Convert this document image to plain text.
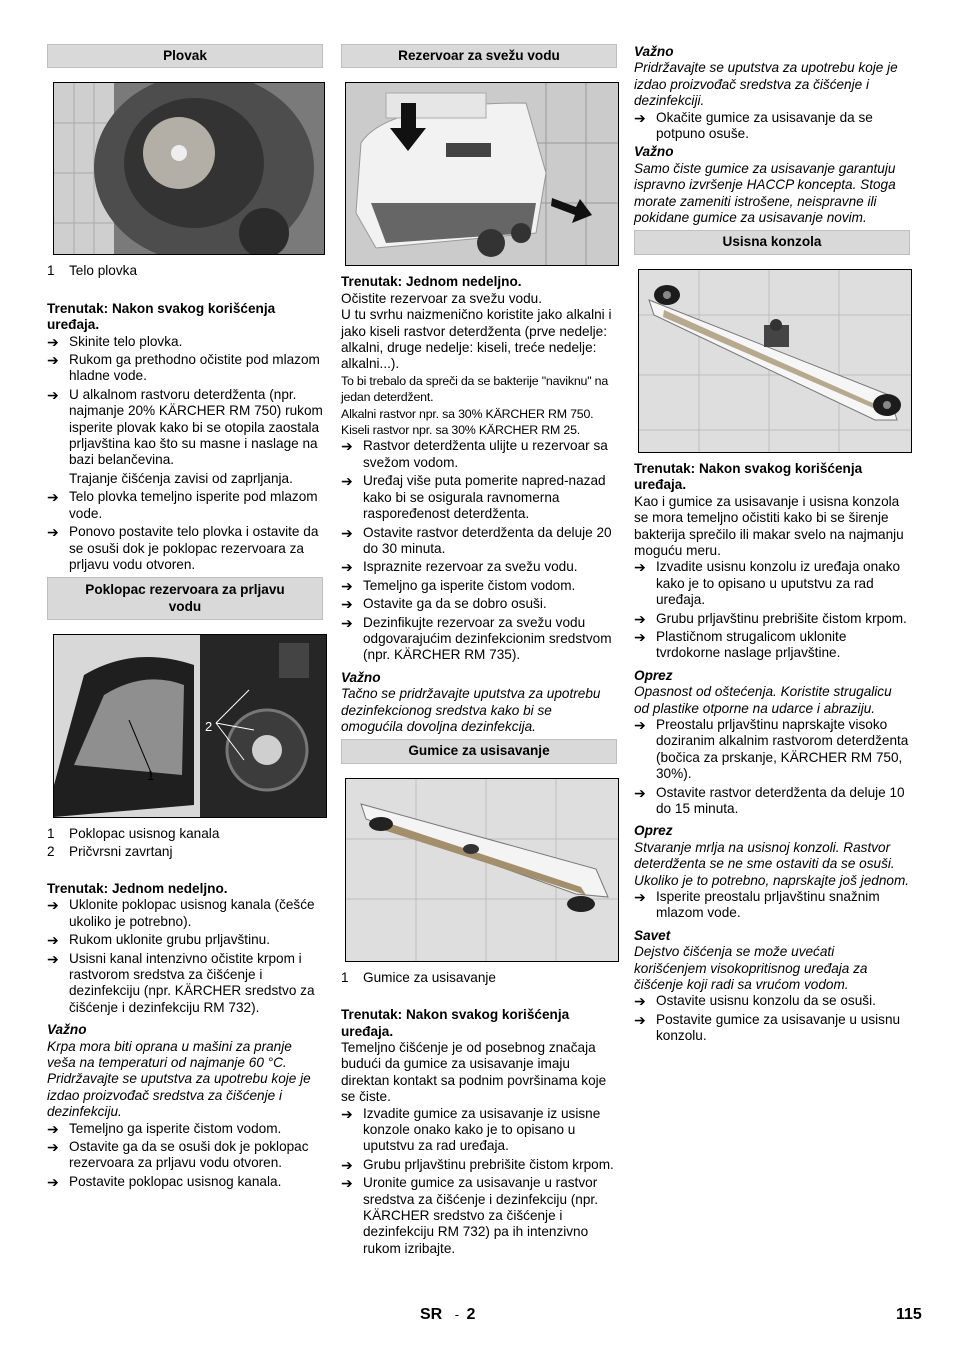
Plovak
1	Telo plovka
Trenutak: Nakon svakog korišćenja uređaja.
➔ Skinite telo plovka.
➔ Rukom ga prethodno očistite pod mlazom hladne vode.
➔ U alkalnom rastvoru deterdženta (npr. najmanje 20% KÄRCHER RM 750) rukom isperite plovak kako bi se otopila zaostala prljavština kao što su masne i naslage na bazi belančevina.
Trajanje čišćenja zavisi od zaprljanja.
➔ Telo plovka temeljno isperite pod mlazom vode.
➔ Ponovo postavite telo plovka i ostavite da se osuši dok je poklopac rezervoara za prljavu vodu otvoren.
Poklopac rezervoara za prljavu vodu
1
2
1	Poklopac usisnog kanala
2	Pričvrsni zavrtanj
Trenutak: Jednom nedeljno.
➔ Uklonite poklopac usisnog kanala (češće ukoliko je potrebno).
➔ Rukom uklonite grubu prljavštinu.
➔ Usisni kanal intenzivno očistite krpom i rastvorom sredstva za čišćenje i dezinfekciju (npr. KÄRCHER sredstvo za čišćenje i dezinfekciju RM 732).
Važno
Krpa mora biti oprana u mašini za pranje veša na temperaturi od najmanje 60 °C. Pridržavajte se uputstva za upotrebu koje je izdao proizvođač sredstva za čišćenje i dezinfekciju.
➔ Temeljno ga isperite čistom vodom.
➔ Ostavite ga da se osuši dok je poklopac rezervoara za prljavu vodu otvoren.
➔ Postavite poklopac usisnog kanala.
Rezervoar za svežu vodu
Trenutak: Jednom nedeljno.
Očistite rezervoar za svežu vodu.
U tu svrhu naizmenično koristite jako alkalni i jako kiseli rastvor deterdženta (prve nedelje: alkalni, druge nedelje: kiseli, treće nedelje: alkalni...).
To bi trebalo da spreči da se bakterije "naviknu" na jedan deterdžent.
Alkalni rastvor npr. sa 30% KÄRCHER RM 750.
Kiseli rastvor npr. sa 30% KÄRCHER RM 25.
➔ Rastvor deterdženta ulijte u rezervoar sa svežom vodom.
➔ Uređaj više puta pomerite napred-nazad kako bi se osigurala ravnomerna raspoređenost deterdženta.
➔ Ostavite rastvor deterdženta da deluje 20 do 30 minuta.
➔ Ispraznite rezervoar za svežu vodu.
➔ Temeljno ga isperite čistom vodom.
➔ Ostavite ga da se dobro osuši.
➔ Dezinfikujte rezervoar za svežu vodu odgovarajućim dezinfekcionim sredstvom (npr. KÄRCHER RM 735).
Važno
Tačno se pridržavajte uputstva za upotrebu dezinfekcionog sredstva kako bi se omogućila dovoljna dezinfekcija.
Gumice za usisavanje
1	Gumice za usisavanje
Trenutak: Nakon svakog korišćenja uređaja.
Temeljno čišćenje je od posebnog značaja budući da gumice za usisavanje imaju direktan kontakt sa podnim površinama koje se čiste.
➔ Izvadite gumice za usisavanje iz usisne konzole onako kako je to opisano u uputstvu za rad uređaja.
➔ Grubu prljavštinu prebrišite čistom krpom.
➔ Uronite gumice za usisavanje u rastvor sredstva za čišćenje i dezinfekciju (npr. KÄRCHER sredstvo za čišćenje i dezinfekciju RM 732) pa ih intenzivno rukom izribajte.
Važno
Pridržavajte se uputstva za upotrebu koje je izdao proizvođač sredstva za čišćenje i dezinfekciji.
➔ Okačite gumice za usisavanje da se potpuno osuše.
Važno
Samo čiste gumice za usisavanje garantuju ispravno izvršenje HACCP koncepta. Stoga morate zameniti istrošene, neispravne ili pokidane gumice za usisavanje novim.
Usisna konzola
Trenutak: Nakon svakog korišćenja uređaja.
Kao i gumice za usisavanje i usisna konzola se mora temeljno očistiti kako bi se širenje bakterija sprečilo ili makar svelo na najmanju moguću meru.
➔ Izvadite usisnu konzolu iz uređaja onako kako je to opisano u uputstvu za rad uređaja.
➔ Grubu prljavštinu prebrišite čistom krpom.
➔ Plastičnom strugalicom uklonite tvrdokorne naslage prljavštine.
Oprez
Opasnost od oštećenja. Koristite strugalicu od plastike otporne na udarce i abraziju.
➔ Preostalu prljavštinu naprskajte visoko doziranim alkalnim rastvorom deterdženta (bočica za prskanje, KÄRCHER RM 750, 30%).
➔ Ostavite rastvor deterdženta da deluje 10 do 15 minuta.
Oprez
Stvaranje mrlja na usisnoj konzoli. Rastvor deterdženta se ne sme ostaviti da se osuši. Ukoliko je to potrebno, naprskajte još jednom.
➔ Isperite preostalu prljavštinu snažnim mlazom vode.
Savet
Dejstvo čišćenja se može uvećati korišćenjem visokopritisnog uređaja za čišćenje koji radi sa vrućom vodom.
➔ Ostavite usisnu konzolu da se osuši.
➔ Postavite gumice za usisavanje u usisnu konzolu.
SR - 2	115
